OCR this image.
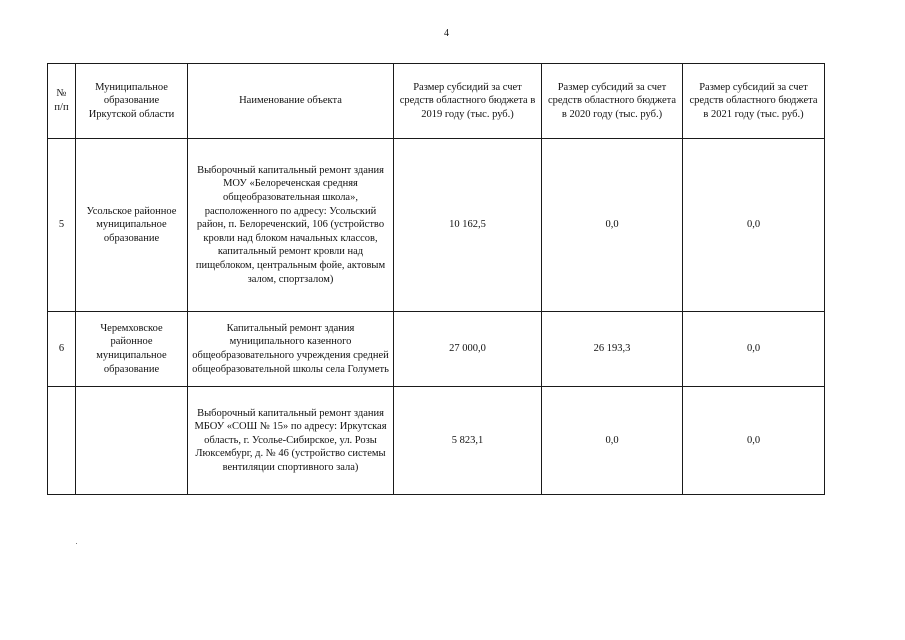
4
№ п/п	Муниципальное образование Иркутской области	Наименование объекта	Размер субсидий за счет средств областного бюджета в 2019 году (тыс. руб.)	Размер субсидий за счет средств областного бюджета в 2020 году (тыс. руб.)	Размер субсидий за счет средств областного бюджета в 2021 году (тыс. руб.)
5	Усольское районное муниципальное образование	Выборочный капитальный ремонт здания МОУ «Белореченская средняя общеобразовательная школа», расположенного по адресу: Усольский район, п. Белореченский, 106 (устройство кровли над блоком начальных классов, капитальный ремонт кровли над пищеблоком, центральным фойе, актовым залом, спортзалом)	10 162,5	0,0	0,0
6	Черемховское районное муниципальное образование	Капитальный ремонт здания муниципального казенного общеобразовательного учреждения средней общеобразовательной школы села Голуметь	27 000,0	26 193,3	0,0
		Выборочный капитальный ремонт здания МБОУ «СОШ № 15» по адресу: Иркутская область, г. Усолье-Сибирское, ул. Розы Люксембург, д. № 46 (устройство системы вентиляции спортивного зала)	5 823,1	0,0	0,0
